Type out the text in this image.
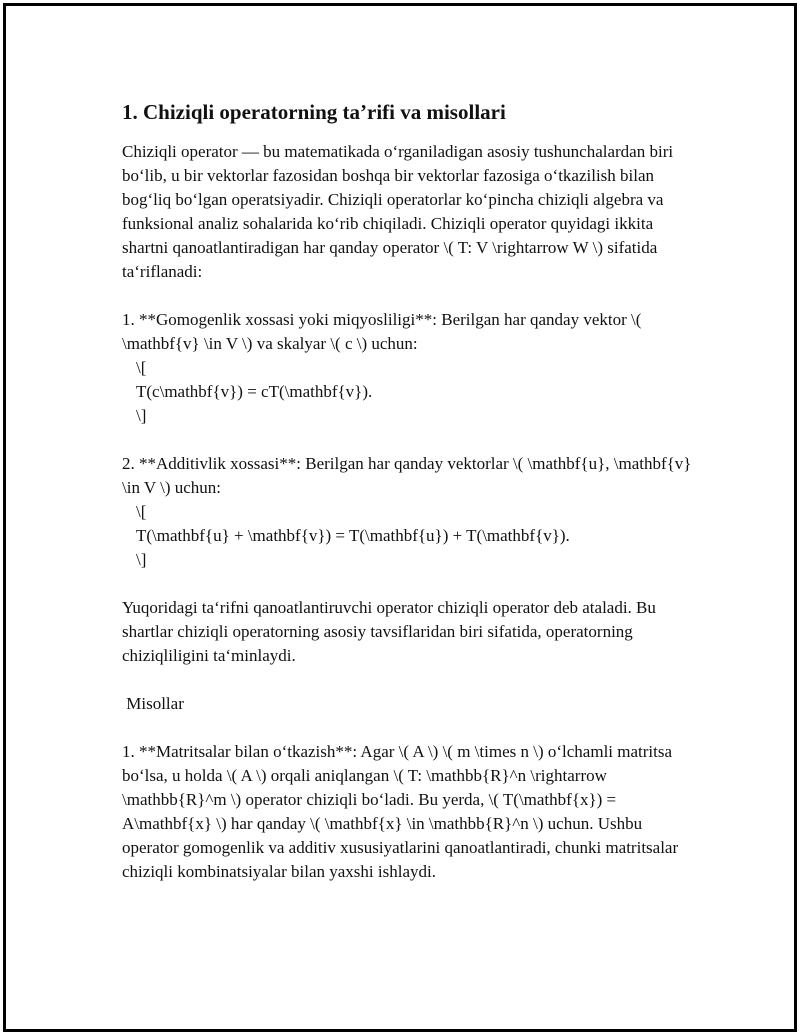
1. Chiziqli operatorning ta’rifi va misollari

Chiziqli operator — bu matematikada o‘rganiladigan asosiy tushunchalardan biri bo‘lib, u bir vektorlar fazosidan boshqa bir vektorlar fazosiga o‘tkazilish bilan bog‘liq bo‘lgan operatsiyadir. Chiziqli operatorlar ko‘pincha chiziqli algebra va funksional analiz sohalarida ko‘rib chiqiladi. Chiziqli operator quyidagi ikkita shartni qanoatlantiradigan har qanday operator \( T: V \rightarrow W \) sifatida ta‘riflanadi:

1. **Gomogenlik xossasi yoki miqyosliligi**: Berilgan har qanday vektor \( \mathbf{v} \in V \) va skalyar \( c \) uchun:

\[

T(c\mathbf{v}) = cT(\mathbf{v}).

\]

2. **Additivlik xossasi**: Berilgan har qanday vektorlar \( \mathbf{u}, \mathbf{v} \in V \) uchun:

\[

T(\mathbf{u} + \mathbf{v}) = T(\mathbf{u}) + T(\mathbf{v}).

\]

Yuqoridagi ta‘rifni qanoatlantiruvchi operator chiziqli operator deb ataladi. Bu shartlar chiziqli operatorning asosiy tavsiflaridan biri sifatida, operatorning chiziqliligini ta‘minlaydi.

Misollar

1. **Matritsalar bilan o‘tkazish**: Agar \( A \) \( m \times n \) o‘lchamli matritsa bo‘lsa, u holda \( A \) orqali aniqlangan \( T: \mathbb{R}^n \rightarrow \mathbb{R}^m \) operator chiziqli bo‘ladi. Bu yerda, \( T(\mathbf{x}) = A\mathbf{x} \) har qanday \( \mathbf{x} \in \mathbb{R}^n \) uchun. Ushbu operator gomogenlik va additiv xususiyatlarini qanoatlantiradi, chunki matritsalar chiziqli kombinatsiyalar bilan yaxshi ishlaydi.
